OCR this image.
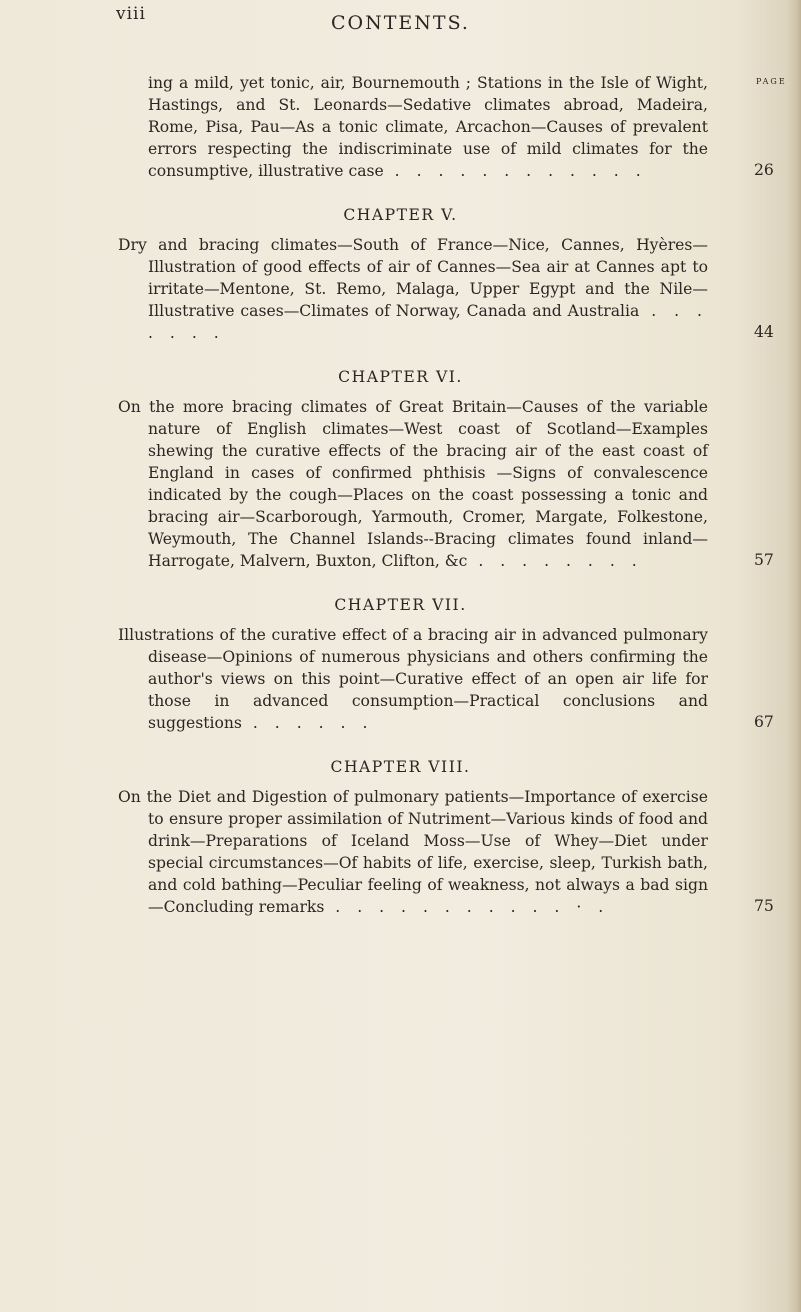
viii	CONTENTS.
PAGE
ing a mild, yet tonic, air, Bournemouth ; Stations in the Isle of Wight, Hastings, and St. Leonards—Sedative climates abroad, Madeira, Rome, Pisa, Pau—As a tonic climate, Arcachon—Causes of prevalent errors respecting the indiscriminate use of mild climates for the consumptive, illustrative case . . . . . . . . . . . .	26
CHAPTER V.
Dry and bracing climates—South of France—Nice, Cannes, Hyères—Illustration of good effects of air of Cannes—Sea air at Cannes apt to irritate—Mentone, St. Remo, Malaga, Upper Egypt and the Nile—Illustrative cases—Climates of Norway, Canada and Australia . . . . . . .	44
CHAPTER VI.
On the more bracing climates of Great Britain—Causes of the variable nature of English climates—West coast of Scotland—Examples shewing the curative effects of the bracing air of the east coast of England in cases of confirmed phthisis —Signs of convalescence indicated by the cough—Places on the coast possessing a tonic and bracing air—Scarborough, Yarmouth, Cromer, Margate, Folkestone, Weymouth, The Channel Islands--Bracing climates found inland—Harrogate, Malvern, Buxton, Clifton, &c . . . . . . . .	57
CHAPTER VII.
Illustrations of the curative effect of a bracing air in advanced pulmonary disease—Opinions of numerous physicians and others confirming the author's views on this point—Curative effect of an open air life for those in advanced consumption—Practical conclusions and suggestions . . . . . .	67
CHAPTER VIII.
On the Diet and Digestion of pulmonary patients—Importance of exercise to ensure proper assimilation of Nutriment—Various kinds of food and drink—Preparations of Iceland Moss—Use of Whey—Diet under special circumstances—Of habits of life, exercise, sleep, Turkish bath, and cold bathing—Peculiar feeling of weakness, not always a bad sign—Concluding remarks . . . . . . . . . . . · .	75
